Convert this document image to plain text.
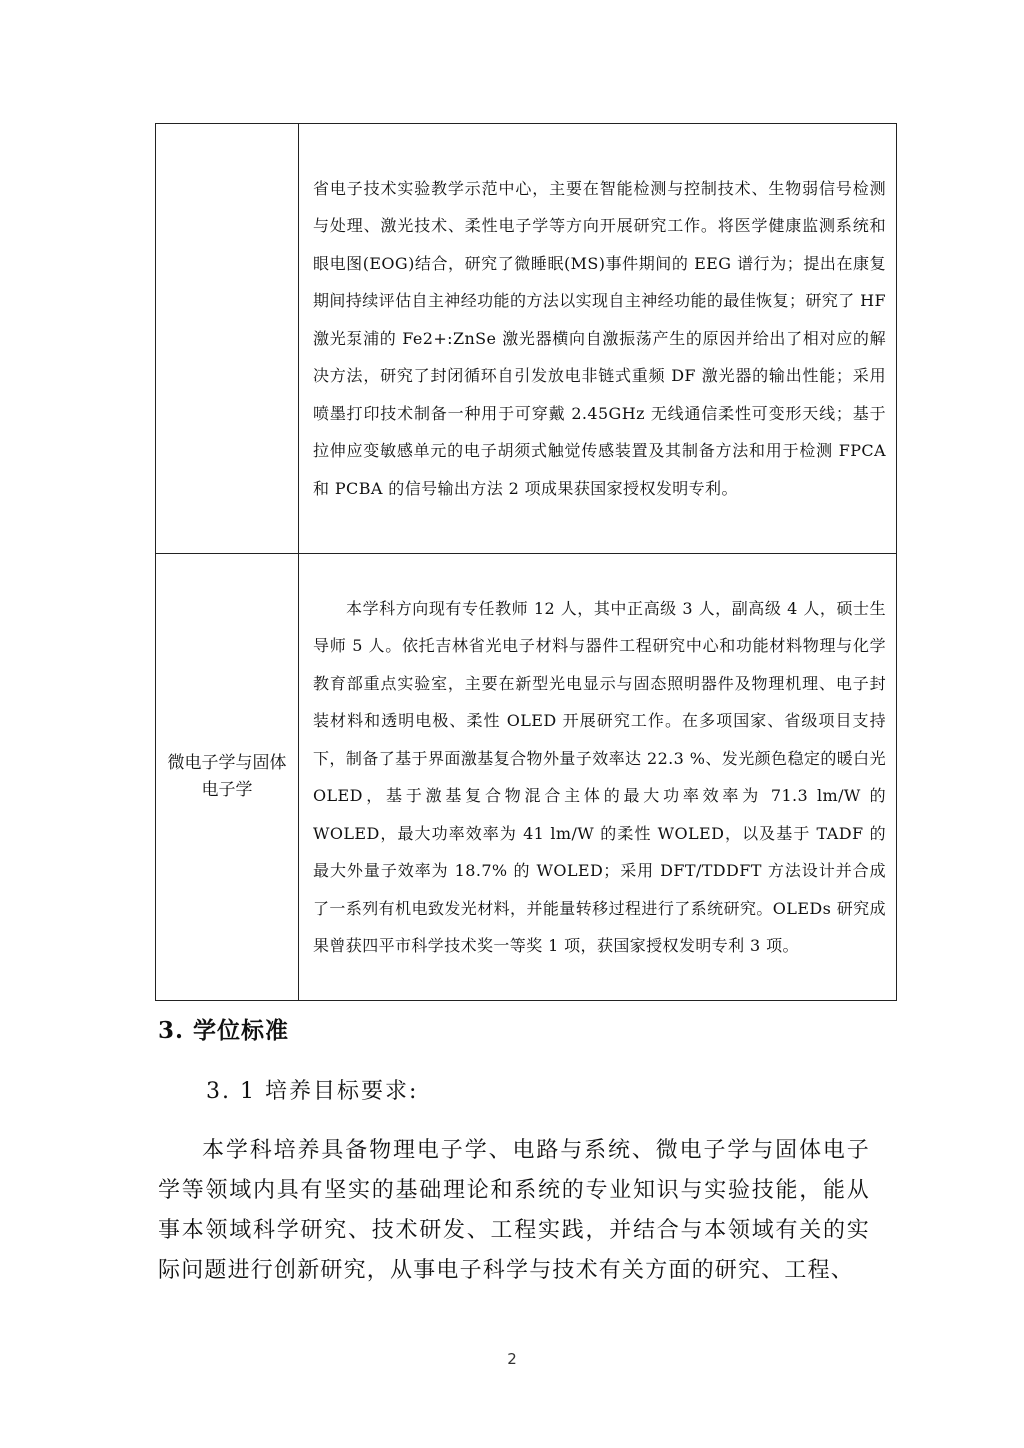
	省电子技术实验教学示范中心，主要在智能检测与控制技术、生物弱信号检测与处理、激光技术、柔性电子学等方向开展研究工作。将医学健康监测系统和眼电图(EOG)结合，研究了微睡眠(MS)事件期间的 EEG 谱行为；提出在康复期间持续评估自主神经功能的方法以实现自主神经功能的最佳恢复；研究了 HF 激光泵浦的 Fe2+:ZnSe 激光器横向自激振荡产生的原因并给出了相对应的解决方法，研究了封闭循环自引发放电非链式重频 DF 激光器的输出性能；采用喷墨打印技术制备一种用于可穿戴 2.45GHz 无线通信柔性可变形天线；基于拉伸应变敏感单元的电子胡须式触觉传感装置及其制备方法和用于检测 FPCA 和 PCBA 的信号输出方法 2 项成果获国家授权发明专利。

微电子学与固体电子学	本学科方向现有专任教师 12 人，其中正高级 3 人，副高级 4 人，硕士生导师 5 人。依托吉林省光电子材料与器件工程研究中心和功能材料物理与化学教育部重点实验室，主要在新型光电显示与固态照明器件及物理机理、电子封装材料和透明电极、柔性 OLED 开展研究工作。在多项国家、省级项目支持下，制备了基于界面激基复合物外量子效率达 22.3 %、发光颜色稳定的暖白光 OLED，基于激基复合物混合主体的最大功率效率为 71.3 lm/W 的 WOLED，最大功率效率为 41 lm/W 的柔性 WOLED，以及基于 TADF 的最大外量子效率为 18.7% 的 WOLED；采用 DFT/TDDFT 方法设计并合成了一系列有机电致发光材料，并能量转移过程进行了系统研究。OLEDs 研究成果曾获四平市科学技术奖一等奖 1 项，获国家授权发明专利 3 项。

3. 学位标准

3. 1 培养目标要求:

本学科培养具备物理电子学、电路与系统、微电子学与固体电子学等领域内具有坚实的基础理论和系统的专业知识与实验技能，能从事本领域科学研究、技术研发、工程实践，并结合与本领域有关的实际问题进行创新研究，从事电子科学与技术有关方面的研究、工程、

2
